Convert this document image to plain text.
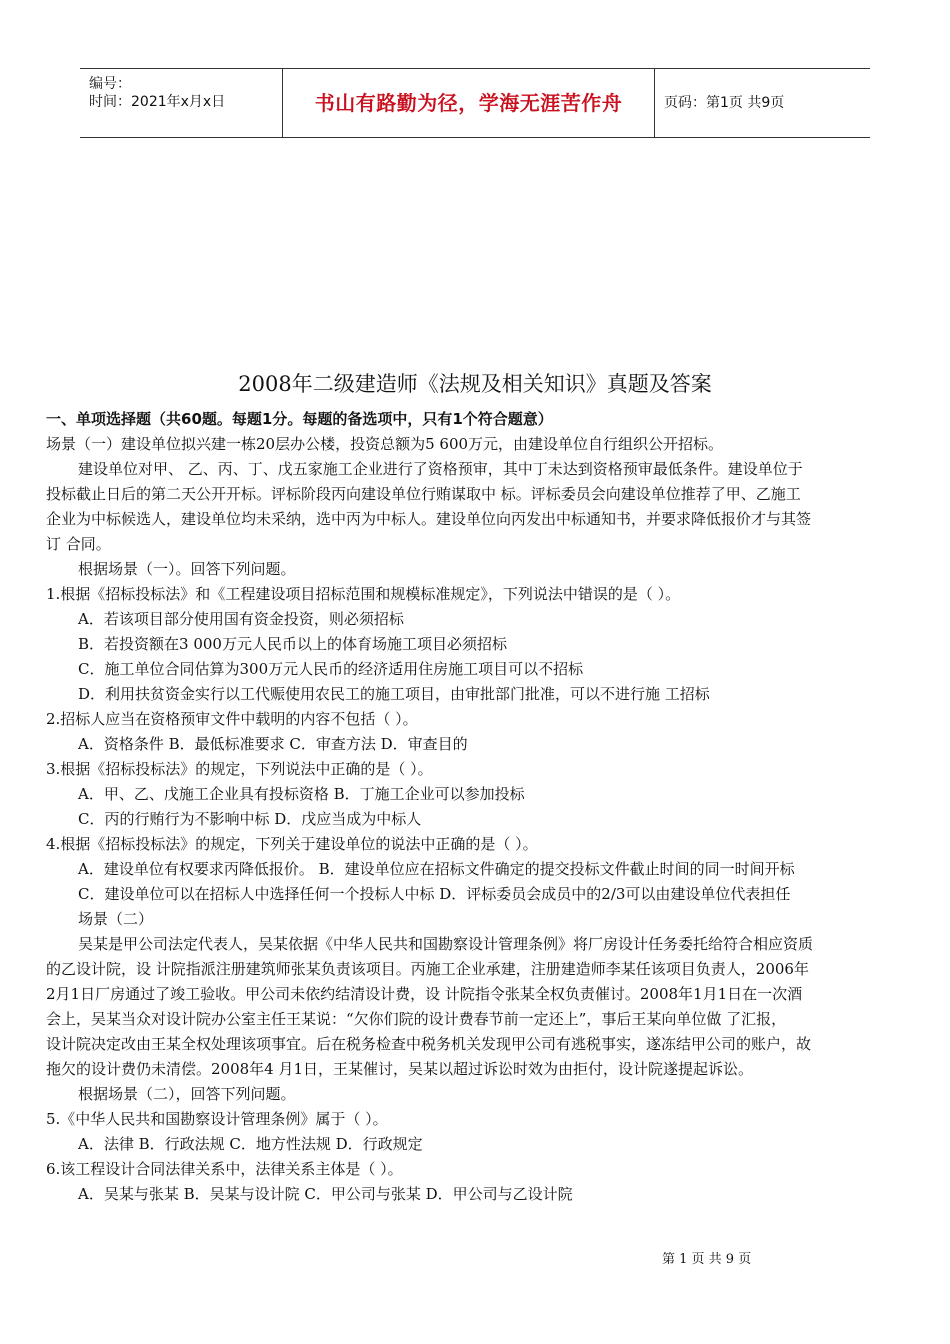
编号：
时间：2021年x月x日	书山有路勤为径，学海无涯苦作舟	页码：第1页 共9页
2008年二级建造师《法规及相关知识》真题及答案
一、单项选择题（共60题。每题1分。每题的备选项中，只有1个符合题意）
场景（一）建设单位拟兴建一栋20层办公楼，投资总额为5 600万元，由建设单位自行组织公开招标。
建设单位对甲、 乙、丙、丁、戊五家施工企业进行了资格预审，其中丁未达到资格预审最低条件。建设单位于
投标截止日后的第二天公开开标。评标阶段丙向建设单位行贿谋取中 标。评标委员会向建设单位推荐了甲、乙施工
企业为中标候选人，建设单位均未采纳，选中丙为中标人。建设单位向丙发出中标通知书，并要求降低报价才与其签
订 合同。
根据场景（一）。回答下列问题。
1.根据《招标投标法》和《工程建设项目招标范围和规模标准规定》，下列说法中错误的是（ ）。
A．若该项目部分使用国有资金投资，则必须招标
B．若投资额在3 000万元人民币以上的体育场施工项目必须招标
C．施工单位合同估算为300万元人民币的经济适用住房施工项目可以不招标
D．利用扶贫资金实行以工代赈使用农民工的施工项目，由审批部门批准，可以不进行施 工招标
2.招标人应当在资格预审文件中载明的内容不包括（ ）。
A．资格条件 B．最低标准要求 C．审查方法 D．审查目的
3.根据《招标投标法》的规定，下列说法中正确的是（ ）。
A．甲、乙、戊施工企业具有投标资格 B．丁施工企业可以参加投标
C．丙的行贿行为不影响中标 D．戊应当成为中标人
4.根据《招标投标法》的规定，下列关于建设单位的说法中正确的是（ ）。
A．建设单位有权要求丙降低报价。 B．建设单位应在招标文件确定的提交投标文件截止时间的同一时间开标
C．建设单位可以在招标人中选择任何一个投标人中标 D．评标委员会成员中的2/3可以由建设单位代表担任
场景（二）
吴某是甲公司法定代表人，吴某依据《中华人民共和国勘察设计管理条例》将厂房设计任务委托给符合相应资质
的乙设计院，设 计院指派注册建筑师张某负责该项目。丙施工企业承建，注册建造师李某任该项目负责人，2006年
2月1日厂房通过了竣工验收。甲公司未依约结清设计费，设 计院指令张某全权负责催讨。2008年1月1日在一次酒
会上，吴某当众对设计院办公室主任王某说：“欠你们院的设计费春节前一定还上”，事后王某向单位做 了汇报，
设计院决定改由王某全权处理该项事宜。后在税务检查中税务机关发现甲公司有逃税事实，遂冻结甲公司的账户，故
拖欠的设计费仍未清偿。2008年4 月1日，王某催讨，吴某以超过诉讼时效为由拒付，设计院遂提起诉讼。
根据场景（二），回答下列问题。
5.《中华人民共和国勘察设计管理条例》属于（ ）。
A．法律 B．行政法规 C．地方性法规 D．行政规定
6.该工程设计合同法律关系中，法律关系主体是（ ）。
A．吴某与张某 B．吴某与设计院 C．甲公司与张某 D．甲公司与乙设计院
第 1 页 共 9 页
